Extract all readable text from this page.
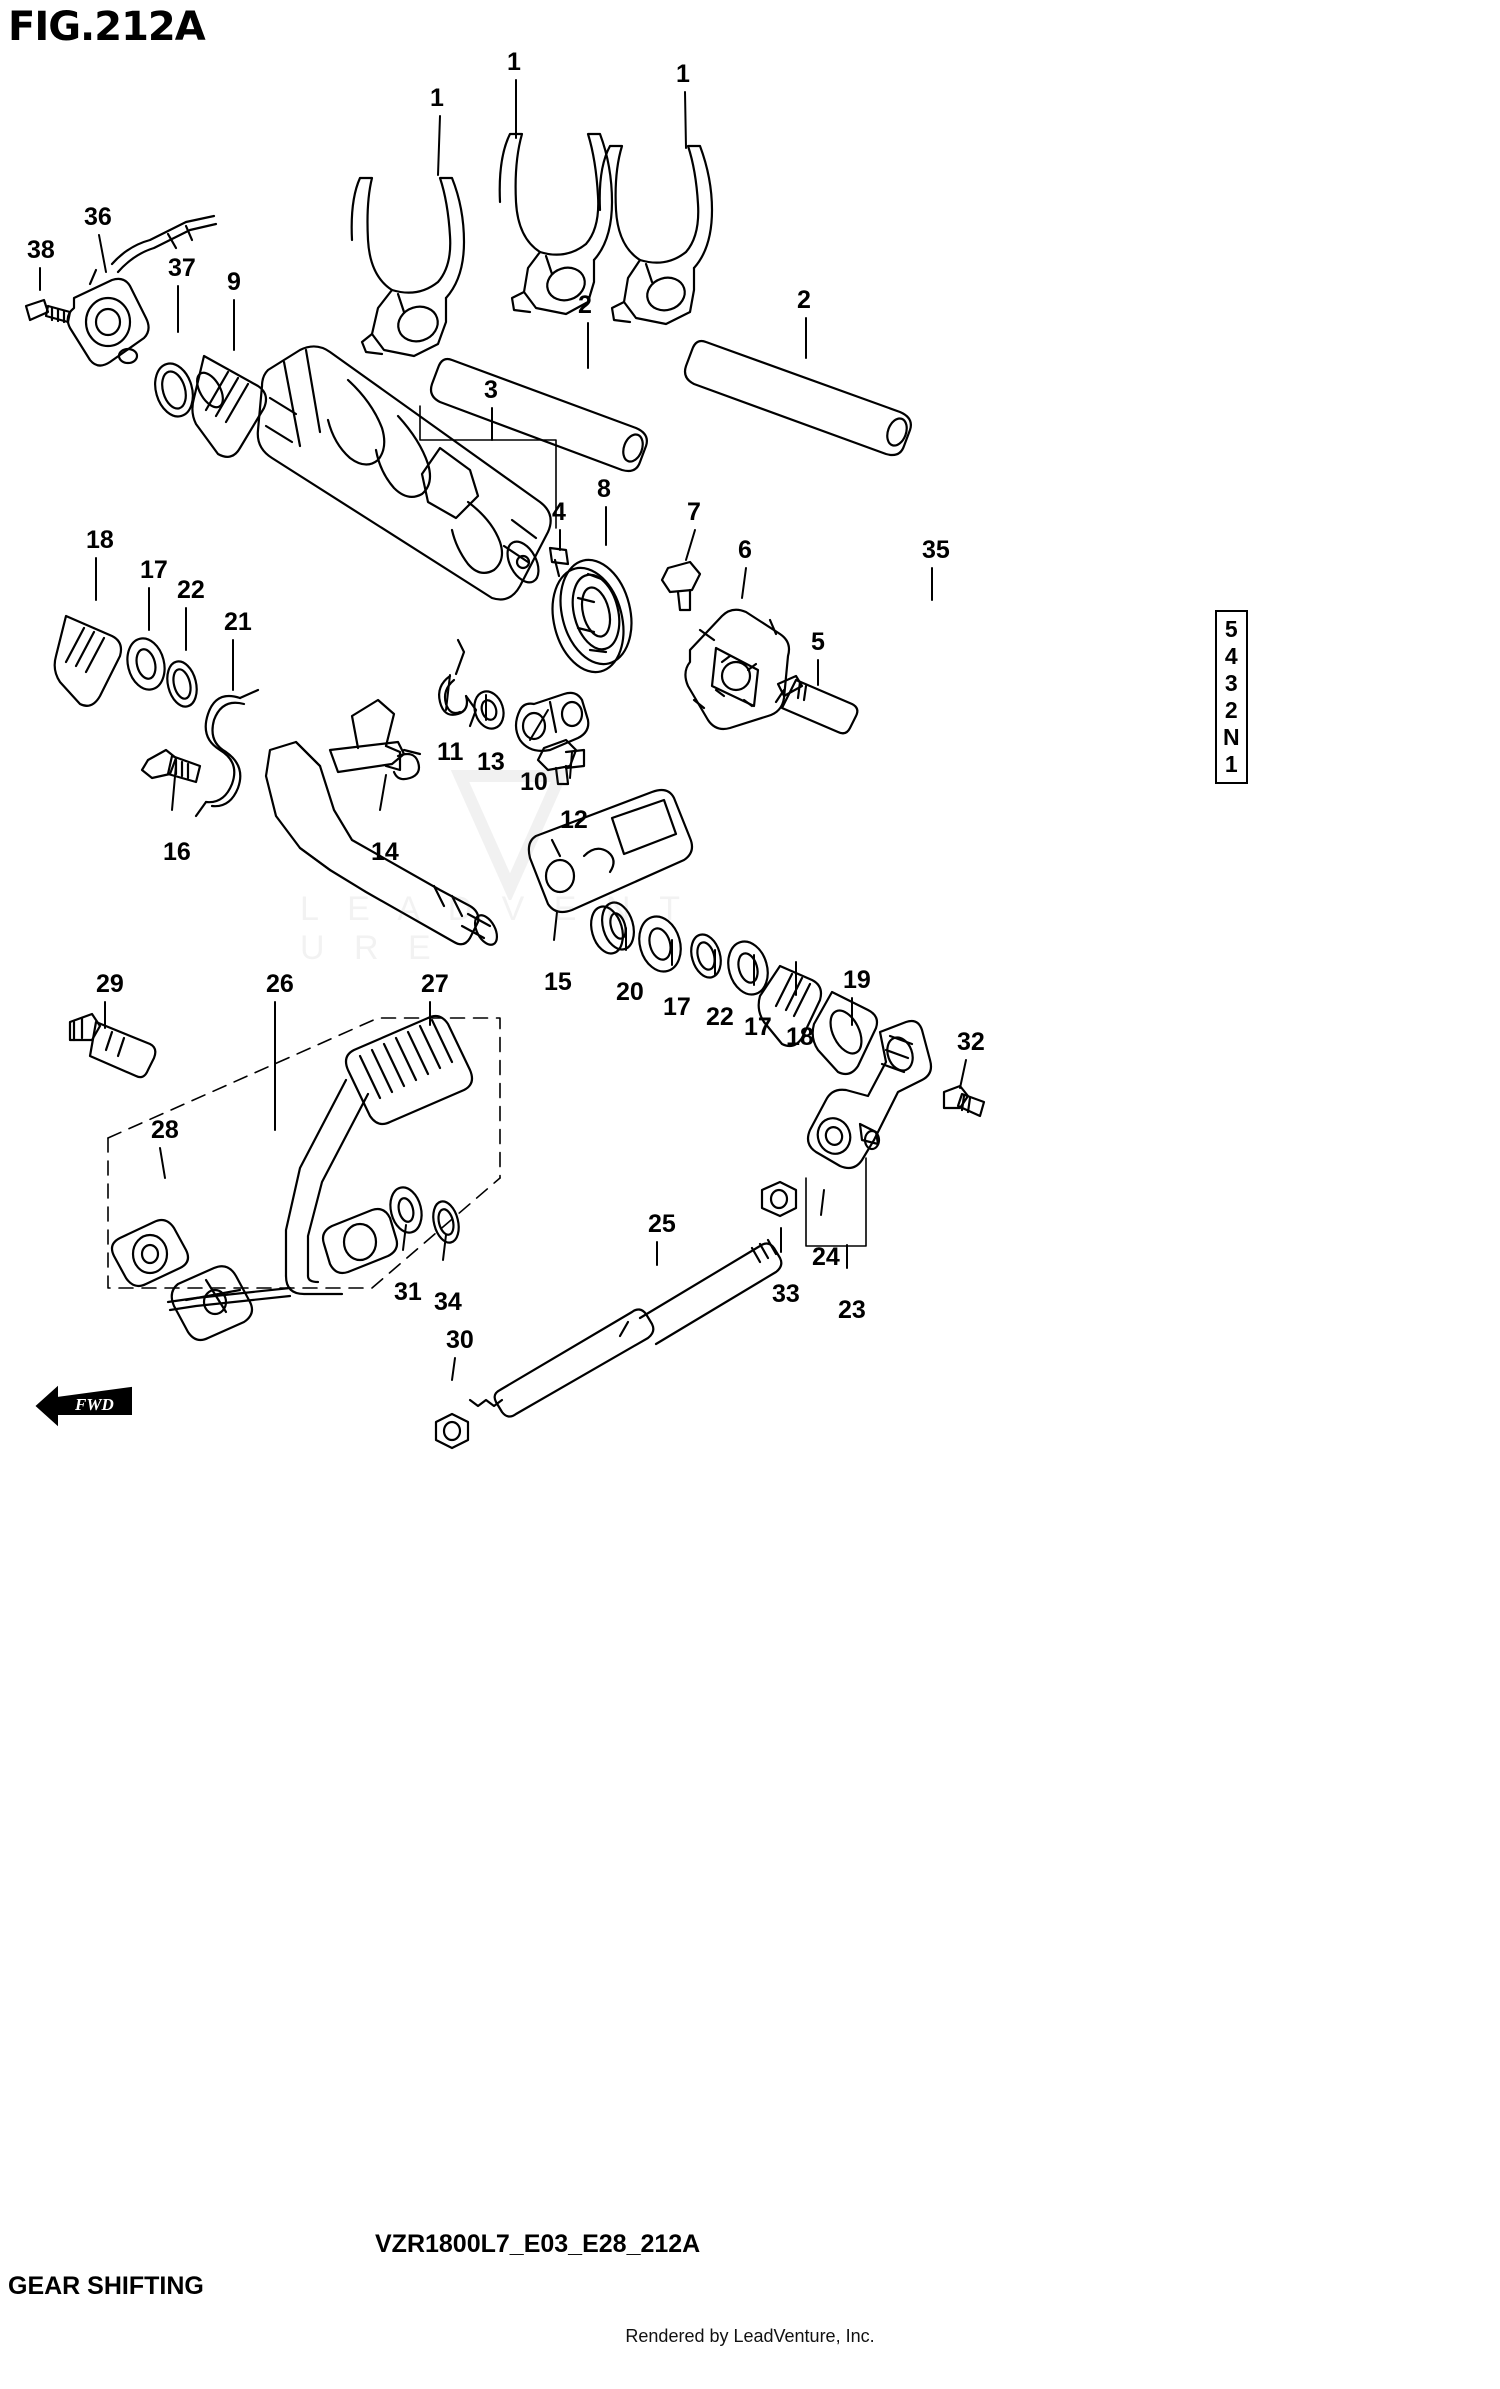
FIG.212A
1
1	1
2	2
36
38
37 9
3
4
8
7
6
5
35
18
17
22
21
16	14
11 13
10
12
15 20
17 22 17 18
19
32
29	26	27
28
31 34
30
25
33
24
23
5
4
3
2
N
1
FWD
L E A D V E N T U R E
VZR1800L7_E03_E28_212A
GEAR SHIFTING
Rendered by LeadVenture, Inc.
